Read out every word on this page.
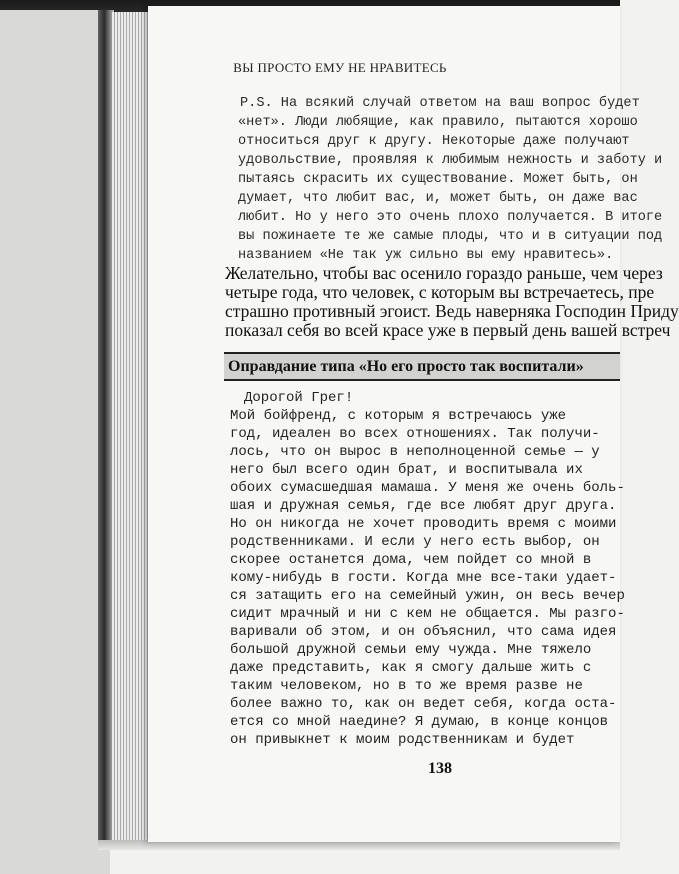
ВЫ ПРОСТО ЕМУ НЕ НРАВИТЕСЬ
P.S. На всякий случай ответом на ваш вопрос будет
«нет». Люди любящие, как правило, пытаются хорошо
относиться друг к другу. Некоторые даже получают
удовольствие, проявляя к любимым нежность и заботу и
пытаясь скрасить их существование. Может быть, он
думает, что любит вас, и, может быть, он даже вас
любит. Но у него это очень плохо получается. В итоге
вы пожинаете те же самые плоды, что и в ситуации под
названием «Не так уж сильно вы ему нравитесь».
Желательно, чтобы вас осенило гораздо раньше, чем через
четыре года, что человек, с которым вы встречаетесь, пре
страшно противный эгоист. Ведь наверняка Господин Приду
показал себя во всей красе уже в первый день вашей встреч
Оправдание типа «Но его просто так воспитали»
Дорогой Грег!
Мой бойфренд, с которым я встречаюсь уже
год, идеален во всех отношениях. Так получи-
лось, что он вырос в неполноценной семье — у
него был всего один брат, и воспитывала их
обоих сумасшедшая мамаша. У меня же очень боль-
шая и дружная семья, где все любят друг друга.
Но он никогда не хочет проводить время с моими
родственниками. И если у него есть выбор, он
скорее останется дома, чем пойдет со мной в
кому-нибудь в гости. Когда мне все-таки удает-
ся затащить его на семейный ужин, он весь вечер
сидит мрачный и ни с кем не общается. Мы разго-
варивали об этом, и он объяснил, что сама идея
большой дружной семьи ему чужда. Мне тяжело
даже представить, как я смогу дальше жить с
таким человеком, но в то же время разве не
более важно то, как он ведет себя, когда оста-
ется со мной наедине? Я думаю, в конце концов
он привыкнет к моим родственникам и будет
138
